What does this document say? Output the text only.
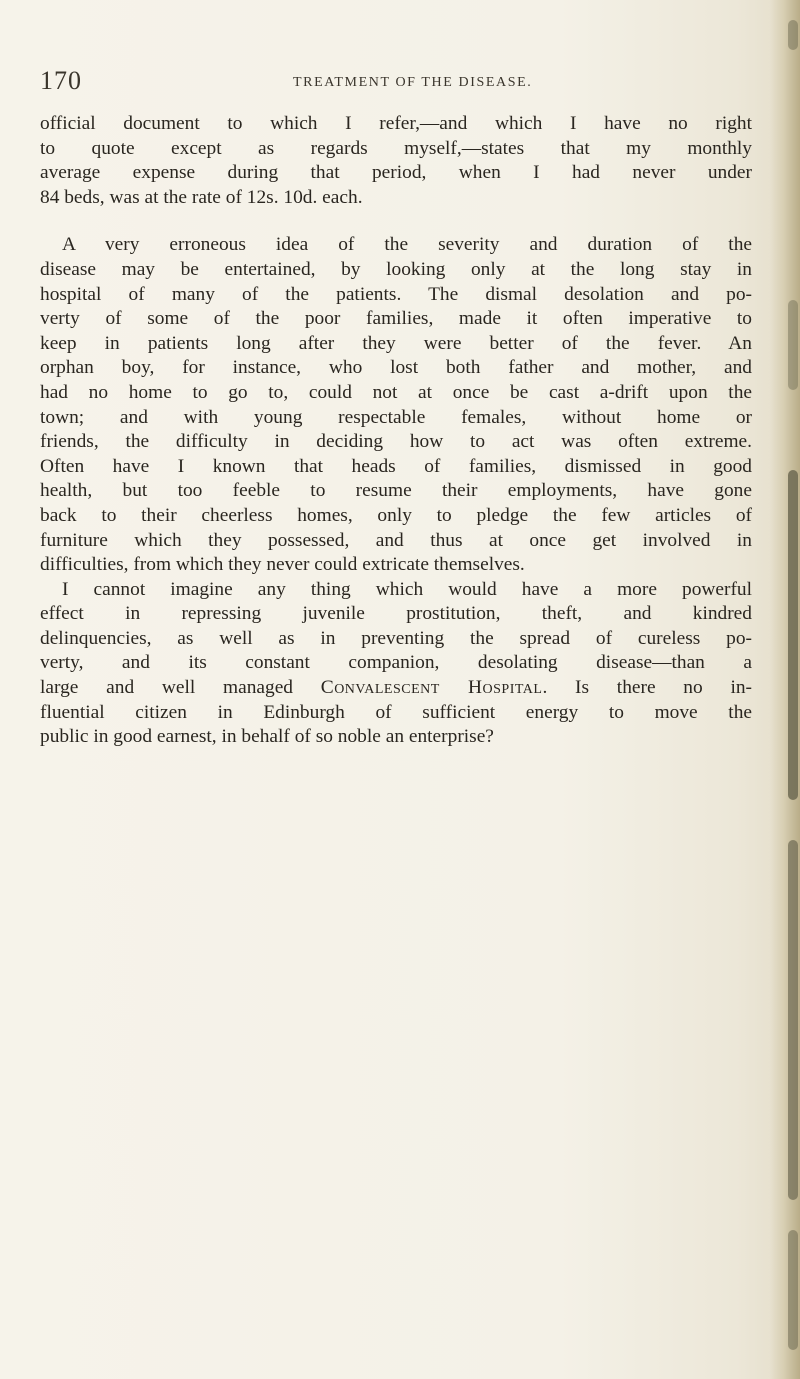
170	TREATMENT OF THE DISEASE.

official document to which I refer,—and which I have no right
to quote except as regards myself,—states that my monthly
average expense during that period, when I had never under
84 beds, was at the rate of 12s. 10d. each.

A very erroneous idea of the severity and duration of the
disease may be entertained, by looking only at the long stay in
hospital of many of the patients. The dismal desolation and po-
verty of some of the poor families, made it often imperative to
keep in patients long after they were better of the fever. An
orphan boy, for instance, who lost both father and mother, and
had no home to go to, could not at once be cast a-drift upon the
town; and with young respectable females, without home or
friends, the difficulty in deciding how to act was often extreme.
Often have I known that heads of families, dismissed in good
health, but too feeble to resume their employments, have gone
back to their cheerless homes, only to pledge the few articles of
furniture which they possessed, and thus at once get involved in
difficulties, from which they never could extricate themselves.

I cannot imagine any thing which would have a more powerful
effect in repressing juvenile prostitution, theft, and kindred
delinquencies, as well as in preventing the spread of cureless po-
verty, and its constant companion, desolating disease—than a
large and well managed Convalescent Hospital. Is there no in-
fluential citizen in Edinburgh of sufficient energy to move the
public in good earnest, in behalf of so noble an enterprise?
